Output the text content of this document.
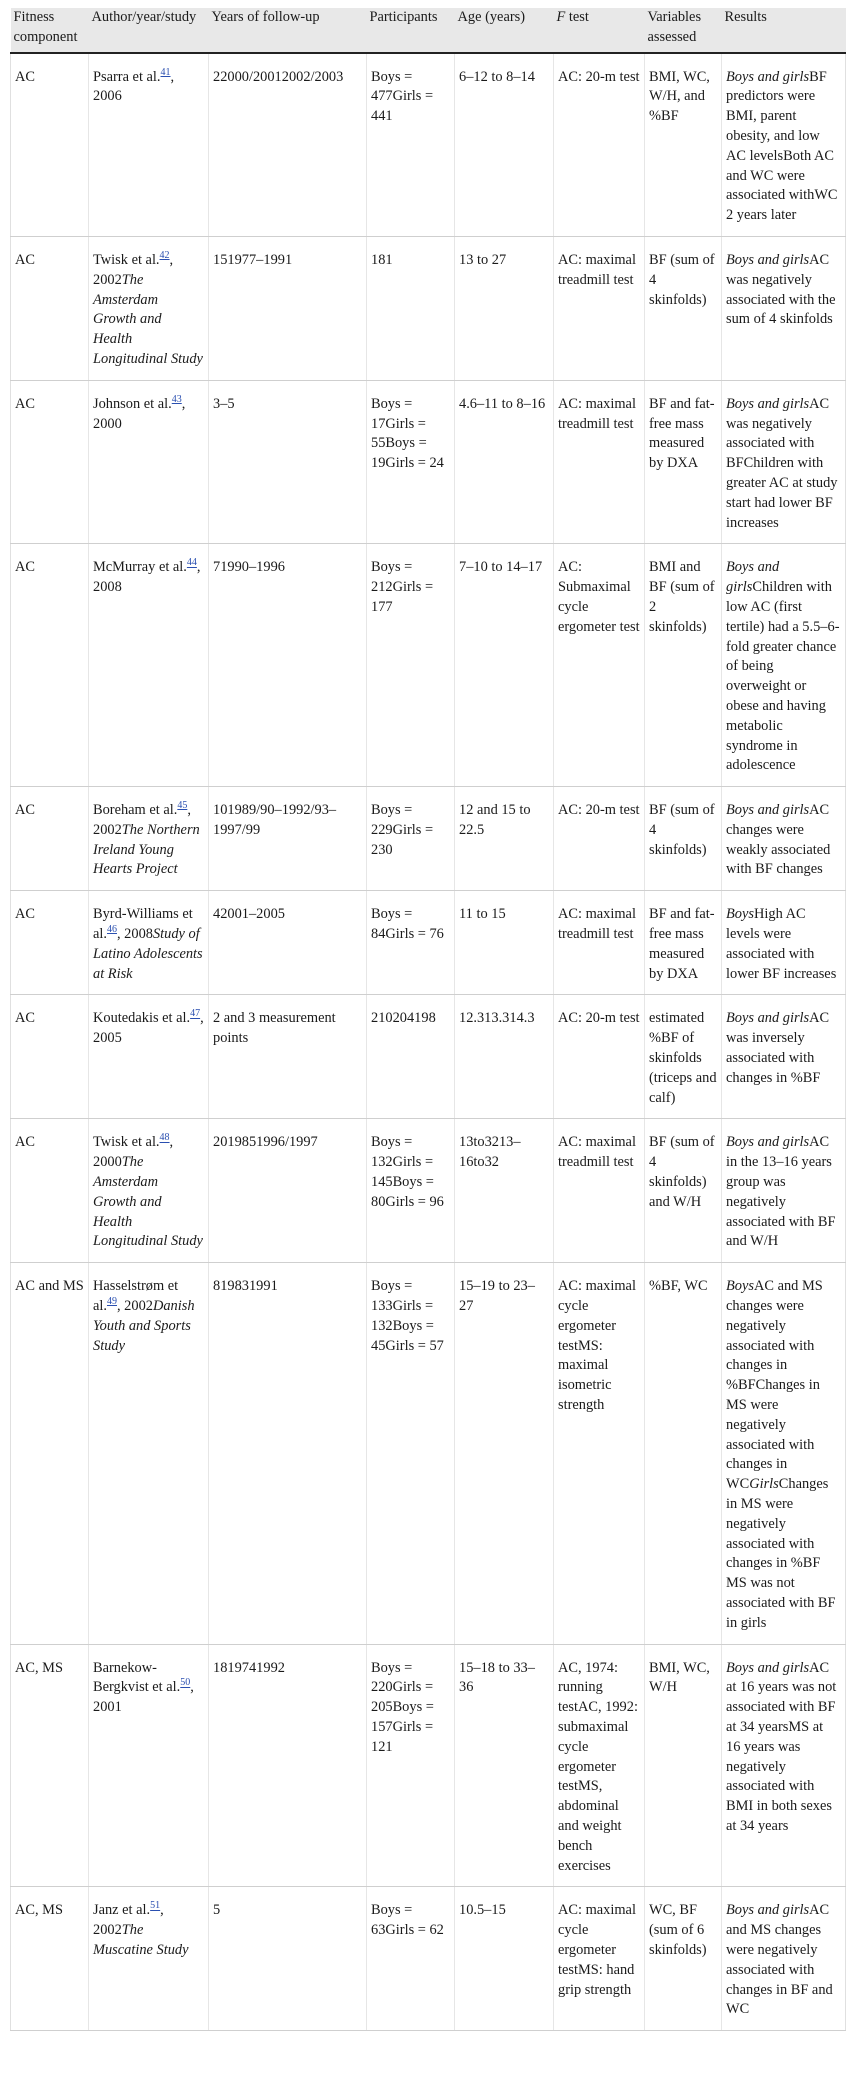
Fitness component	Author/year/study	Years of follow-up	Participants	Age (years)	F test	Variables assessed	Results
AC	Psarra et al.$^{41}$, 2006	22000/20012002/2003	Boys = 477Girls = 441	6–12 to 8–14	AC: 20-m test	BMI, WC, W/H, and %BF	Boys and girlsBF predictors were BMI, parent obesity, and low AC levelsBoth AC and WC were associated withWC 2 years later
AC	Twisk et al.$^{42}$, 2002The Amsterdam Growth and Health Longitudinal Study	151977–1991	181	13 to 27	AC: maximal treadmill test	BF (sum of 4 skinfolds)	Boys and girlsAC was negatively associated with the sum of 4 skinfolds
AC	Johnson et al.$^{43}$, 2000	3–5	Boys = 17Girls = 55Boys = 19Girls = 24	4.6–11 to 8–16	AC: maximal treadmill test	BF and fat-free mass measured by DXA	Boys and girlsAC was negatively associated with BFChildren with greater AC at study start had lower BF increases
AC	McMurray et al.$^{44}$, 2008	71990–1996	Boys = 212Girls = 177	7–10 to 14–17	AC: Submaximal cycle ergometer test	BMI and BF (sum of 2 skinfolds)	Boys and girlsChildren with low AC (first tertile) had a 5.5–6-fold greater chance of being overweight or obese and having metabolic syndrome in adolescence
AC	Boreham et al.$^{45}$, 2002The Northern Ireland Young Hearts Project	101989/90–1992/93–1997/99	Boys = 229Girls = 230	12 and 15 to 22.5	AC: 20-m test	BF (sum of 4 skinfolds)	Boys and girlsAC changes were weakly associated with BF changes
AC	Byrd-Williams et al.$^{46}$, 2008Study of Latino Adolescents at Risk	42001–2005	Boys = 84Girls = 76	11 to 15	AC: maximal treadmill test	BF and fat-free mass measured by DXA	BoysHigh AC levels were associated with lower BF increases
AC	Koutedakis et al.$^{47}$, 2005	2 and 3 measurement points	210204198	12.313.314.3	AC: 20-m test	estimated %BF of skinfolds (triceps and calf)	Boys and girlsAC was inversely associated with changes in %BF
AC	Twisk et al.$^{48}$, 2000The Amsterdam Growth and Health Longitudinal Study	2019851996/1997	Boys = 132Girls = 145Boys = 80Girls = 96	13to3213–16to32	AC: maximal treadmill test	BF (sum of 4 skinfolds) and W/H	Boys and girlsAC in the 13–16 years group was negatively associated with BF and W/H
AC and MS	Hasselstrøm et al.$^{49}$, 2002Danish Youth and Sports Study	819831991	Boys = 133Girls = 132Boys = 45Girls = 57	15–19 to 23–27	AC: maximal cycle ergometer testMS: maximal isometric strength	%BF, WC	BoysAC and MS changes were negatively associated with changes in %BFChanges in MS were negatively associated with changes in WCGirlsChanges in MS were negatively associated with changes in %BF MS was not associated with BF in girls
AC, MS	Barnekow-Bergkvist et al.$^{50}$, 2001	1819741992	Boys = 220Girls = 205Boys = 157Girls = 121	15–18 to 33–36	AC, 1974: running testAC, 1992: submaximal cycle ergometer testMS, abdominal and weight bench exercises	BMI, WC, W/H	Boys and girlsAC at 16 years was not associated with BF at 34 yearsMS at 16 years was negatively associated with BMI in both sexes at 34 years
AC, MS	Janz et al.$^{51}$, 2002The Muscatine Study	5	Boys = 63Girls = 62	10.5–15	AC: maximal cycle ergometer testMS: hand grip strength	WC, BF (sum of 6 skinfolds)	Boys and girlsAC and MS changes were negatively associated with changes in BF and WC
